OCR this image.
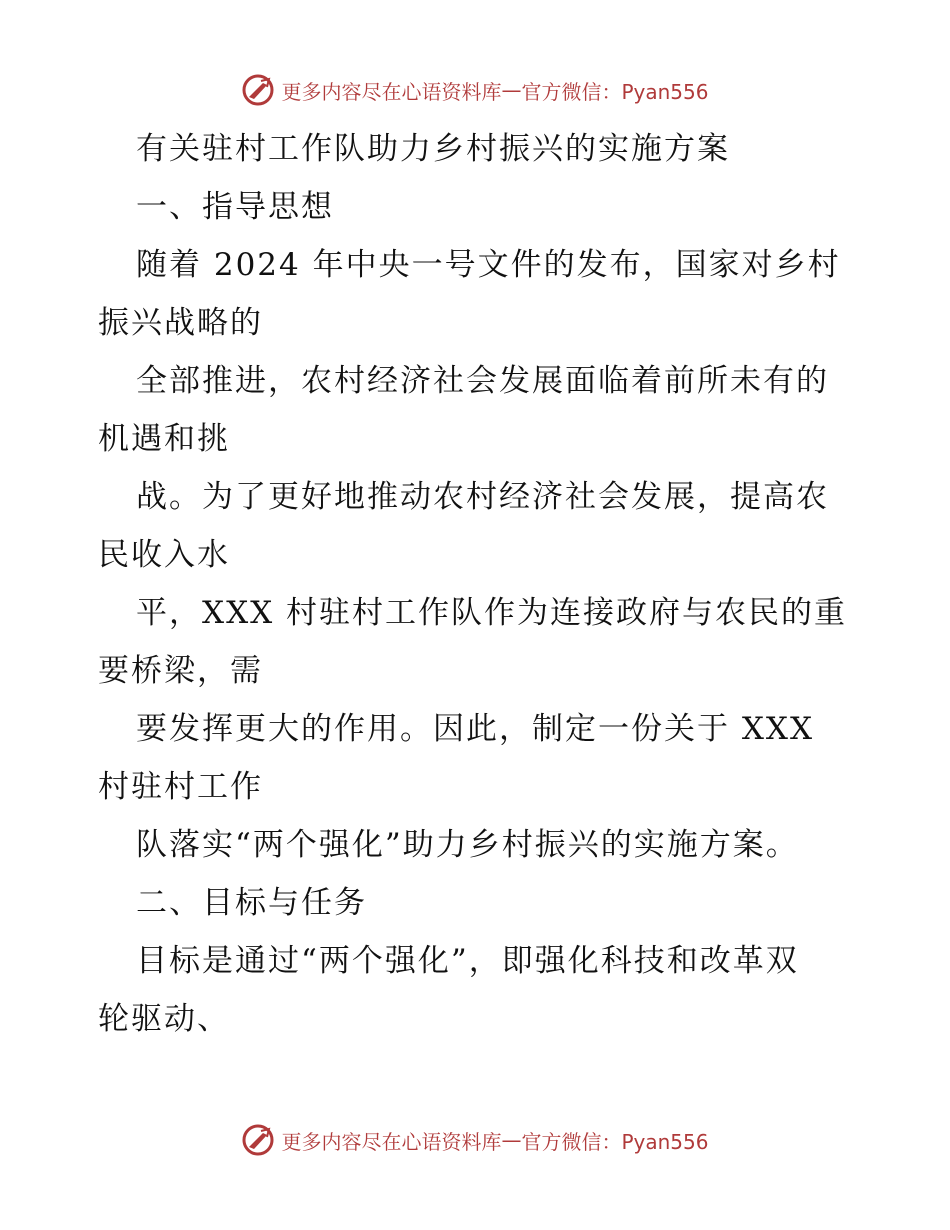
更多内容尽在心语资料库 — 官方微信：Pyan556
有关驻村工作队助力乡村振兴的实施方案
一、指导思想
随着 2024 年中央一号文件的发布，国家对乡村
振兴战略的
全部推进，农村经济社会发展面临着前所未有的
机遇和挑
战。为了更好地推动农村经济社会发展，提高农
民收入水
平，XXX 村驻村工作队作为连接政府与农民的重
要桥梁，需
要发挥更大的作用。因此，制定一份关于 XXX
村驻村工作
队落实“两个强化”助力乡村振兴的实施方案。
二、目标与任务
目标是通过“两个强化”，即强化科技和改革双
轮驱动、
更多内容尽在心语资料库 — 官方微信：Pyan556
